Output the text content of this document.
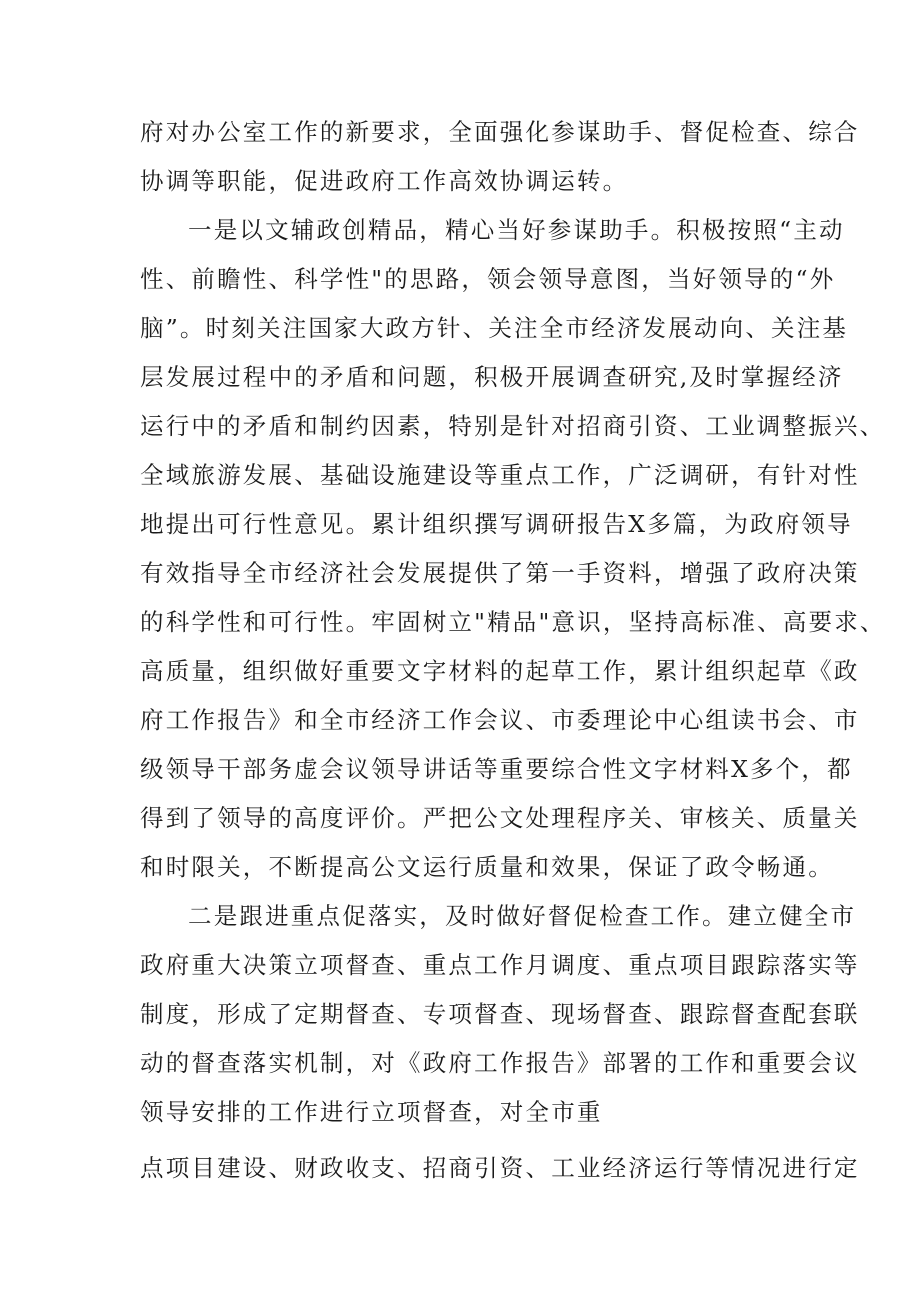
府对办公室工作的新要求，全面强化参谋助手、督促检查、综合
协调等职能，促进政府工作高效协调运转。
一是以文辅政创精品，精心当好参谋助手。积极按照“主动
性、前瞻性、科学性"的思路，领会领导意图，当好领导的“外
脑”。时刻关注国家大政方针、关注全市经济发展动向、关注基
层发展过程中的矛盾和问题，积极开展调查研究,及时掌握经济
运行中的矛盾和制约因素，特别是针对招商引资、工业调整振兴、
全域旅游发展、基础设施建设等重点工作，广泛调研，有针对性
地提出可行性意见。累计组织撰写调研报告X多篇，为政府领导
有效指导全市经济社会发展提供了第一手资料，增强了政府决策
的科学性和可行性。牢固树立"精品"意识，坚持高标准、高要求、
高质量，组织做好重要文字材料的起草工作，累计组织起草《政
府工作报告》和全市经济工作会议、市委理论中心组读书会、市
级领导干部务虚会议领导讲话等重要综合性文字材料X多个，都
得到了领导的高度评价。严把公文处理程序关、审核关、质量关
和时限关，不断提高公文运行质量和效果，保证了政令畅通。
二是跟进重点促落实，及时做好督促检查工作。建立健全市
政府重大决策立项督查、重点工作月调度、重点项目跟踪落实等
制度，形成了定期督查、专项督查、现场督查、跟踪督查配套联
动的督查落实机制，对《政府工作报告》部署的工作和重要会议
领导安排的工作进行立项督查，对全市重
点项目建设、财政收支、招商引资、工业经济运行等情况进行定
